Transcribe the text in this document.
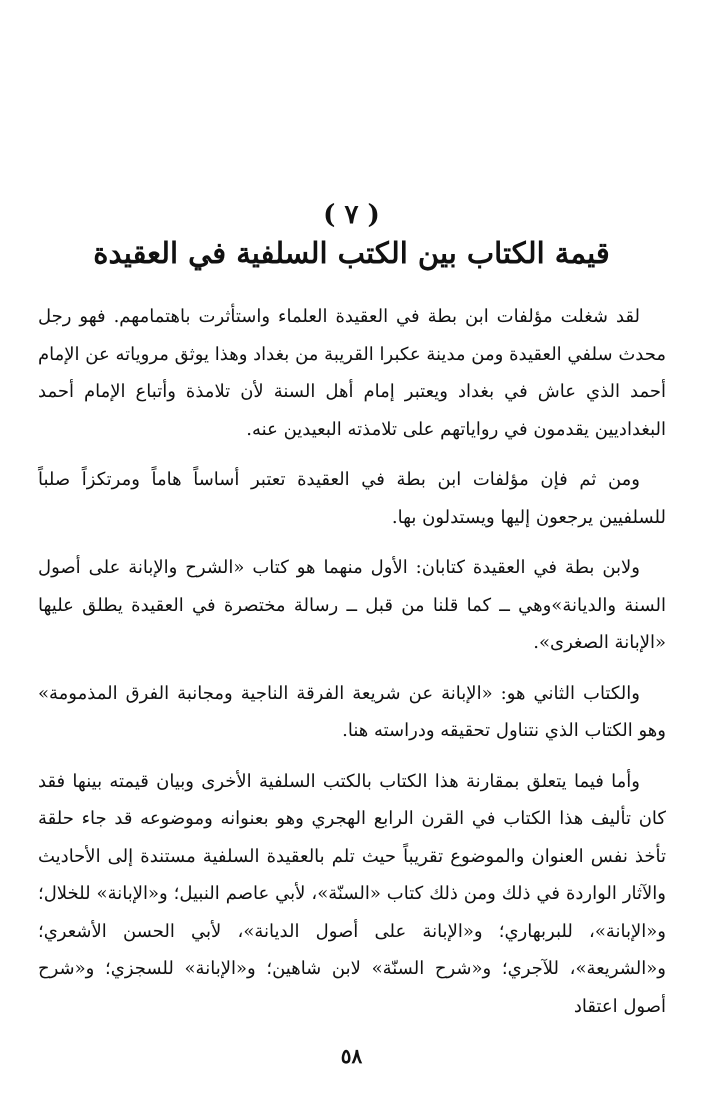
( ٧ )
قيمة الكتاب بين الكتب السلفية في العقيدة

لقد شغلت مؤلفات ابن بطة في العقيدة العلماء واستأثرت باهتمامهم. فهو رجل محدث سلفي العقيدة ومن مدينة عكبرا القريبة من بغداد وهذا يوثق مروياته عن الإمام أحمد الذي عاش في بغداد ويعتبر إمام أهل السنة لأن تلامذة وأتباع الإمام أحمد البغداديين يقدمون في رواياتهم على تلامذته البعيدين عنه.

ومن ثم فإن مؤلفات ابن بطة في العقيدة تعتبر أساساً هاماً ومرتكزاً صلباً للسلفيين يرجعون إليها ويستدلون بها.

ولابن بطة في العقيدة كتابان: الأول منهما هو كتاب «الشرح والإبانة على أصول السنة والديانة»وهي ــ كما قلنا من قبل ــ رسالة مختصرة في العقيدة يطلق عليها «الإبانة الصغرى».

والكتاب الثاني هو: «الإبانة عن شريعة الفرقة الناجية ومجانبة الفرق المذمومة» وهو الكتاب الذي نتناول تحقيقه ودراسته هنا.

وأما فيما يتعلق بمقارنة هذا الكتاب بالكتب السلفية الأخرى وبيان قيمته بينها فقد كان تأليف هذا الكتاب في القرن الرابع الهجري وهو بعنوانه وموضوعه قد جاء حلقة تأخذ نفس العنوان والموضوع تقريباً حيث تلم بالعقيدة السلفية مستندة إلى الأحاديث والآثار الواردة في ذلك ومن ذلك كتاب «السنّة»، لأبي عاصم النبيل؛ و«الإبانة» للخلال؛ و«الإبانة»، للبربهاري؛ و«الإبانة على أصول الديانة»، لأبي الحسن الأشعري؛ و«الشريعة»، للآجري؛ و«شرح السنّة» لابن شاهين؛ و«الإبانة» للسجزي؛ و«شرح أصول اعتقاد

٥٨
